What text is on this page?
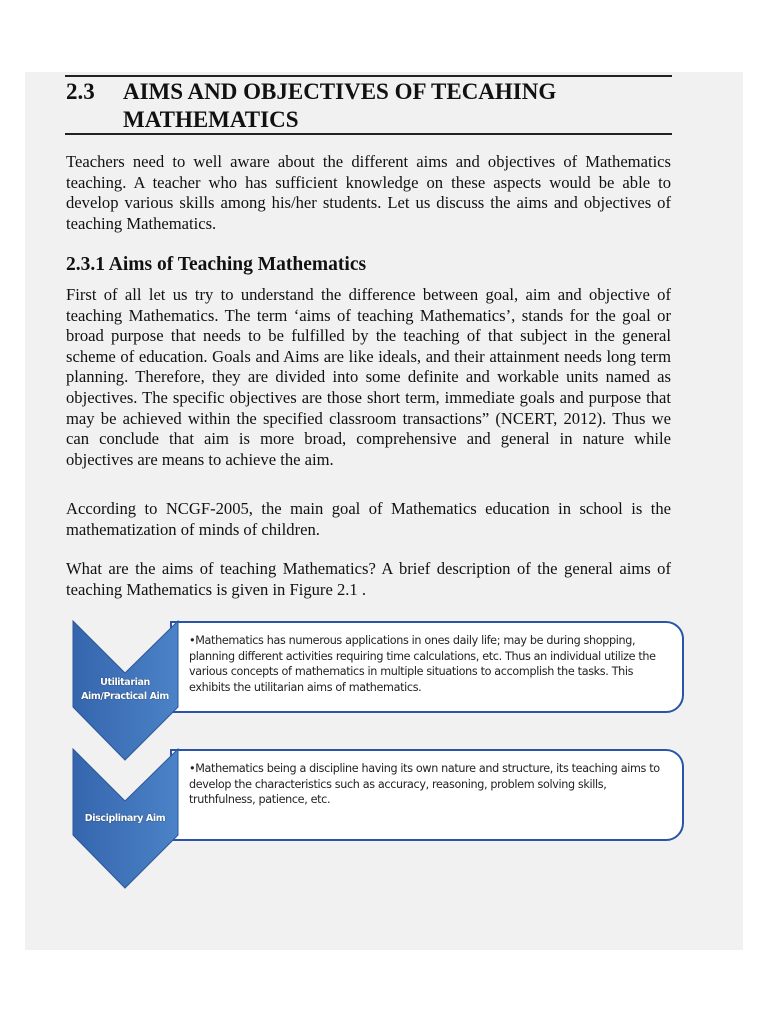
2.3 AIMS AND OBJECTIVES OF TECAHING MATHEMATICS
Teachers need to well aware about the different aims and objectives of Mathematics teaching. A teacher who has sufficient knowledge on these aspects would be able to develop various skills among his/her students. Let us discuss the aims and objectives of teaching Mathematics.
2.3.1 Aims of Teaching Mathematics
First of all let us try to understand the difference between goal, aim and objective of teaching Mathematics. The term ‘aims of teaching Mathematics’, stands for the goal or broad purpose that needs to be fulfilled by the teaching of that subject in the general scheme of education. Goals and Aims are like ideals, and their attainment needs long term planning. Therefore, they are divided into some definite and workable units named as objectives. The specific objectives are those short term, immediate goals and purpose that may be achieved within the specified classroom transactions” (NCERT, 2012). Thus we can conclude that aim is more broad, comprehensive and general in nature while objectives are means to achieve the aim.
According to NCGF-2005, the main goal of Mathematics education in school is the mathematization of minds of children.
What are the aims of teaching Mathematics? A brief description of the general aims of teaching Mathematics is given in Figure 2.1 .
•Mathematics has numerous applications in ones daily life; may be during shopping, planning different activities requiring time calculations, etc. Thus an individual utilize the various concepts of mathematics in multiple situations to accomplish the tasks. This exhibits the utilitarian aims of mathematics.
•Mathematics being a discipline having its own nature and structure, its teaching aims to develop the characteristics such as accuracy, reasoning, problem solving skills, truthfulness, patience, etc.
Utilitarian Aim/Practical Aim
Disciplinary Aim
